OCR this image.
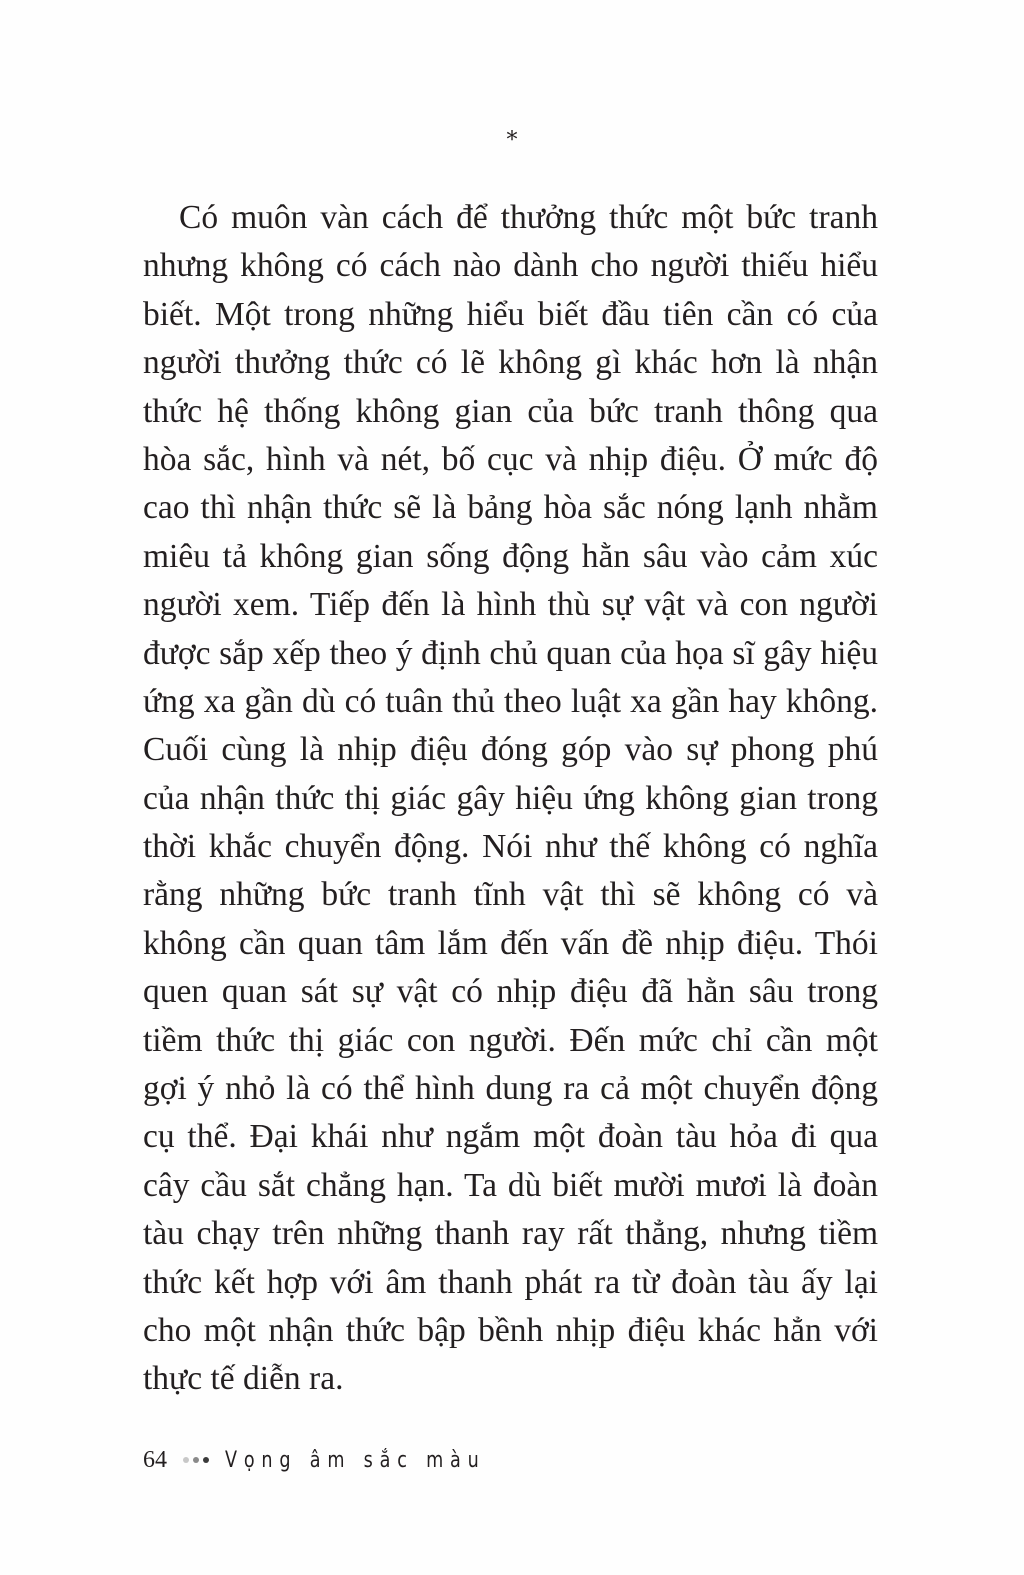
*
Có muôn vàn cách để thưởng thức một bức tranh
nhưng không có cách nào dành cho người thiếu hiểu
biết. Một trong những hiểu biết đầu tiên cần có của
người thưởng thức có lẽ không gì khác hơn là nhận
thức hệ thống không gian của bức tranh thông qua
hòa sắc, hình và nét, bố cục và nhịp điệu. Ở mức độ
cao thì nhận thức sẽ là bảng hòa sắc nóng lạnh nhằm
miêu tả không gian sống động hằn sâu vào cảm xúc
người xem. Tiếp đến là hình thù sự vật và con người
được sắp xếp theo ý định chủ quan của họa sĩ gây hiệu
ứng xa gần dù có tuân thủ theo luật xa gần hay không.
Cuối cùng là nhịp điệu đóng góp vào sự phong phú
của nhận thức thị giác gây hiệu ứng không gian trong
thời khắc chuyển động. Nói như thế không có nghĩa
rằng những bức tranh tĩnh vật thì sẽ không có và
không cần quan tâm lắm đến vấn đề nhịp điệu. Thói
quen quan sát sự vật có nhịp điệu đã hằn sâu trong
tiềm thức thị giác con người. Đến mức chỉ cần một
gợi ý nhỏ là có thể hình dung ra cả một chuyển động
cụ thể. Đại khái như ngắm một đoàn tàu hỏa đi qua
cây cầu sắt chẳng hạn. Ta dù biết mười mươi là đoàn
tàu chạy trên những thanh ray rất thẳng, nhưng tiềm
thức kết hợp với âm thanh phát ra từ đoàn tàu ấy lại
cho một nhận thức bập bềnh nhịp điệu khác hẳn với
thực tế diễn ra.
64	Vọng âm sắc màu
